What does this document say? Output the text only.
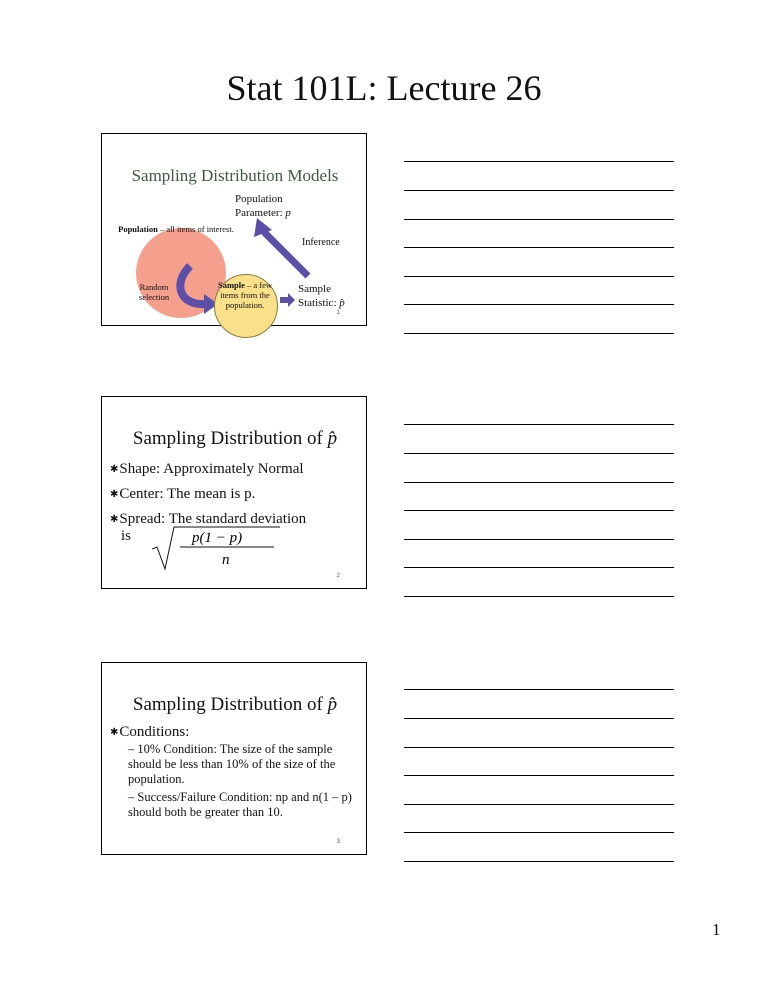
Stat 101L: Lecture 26
Sampling Distribution Models
Population – all items of interest.
Population
Parameter: p
Inference
Random selection
Sample – a few items from the population.
Sample
Statistic: p̂
1
Sampling Distribution of p̂
✱Shape: Approximately Normal
✱Center: The mean is p.
✱Spread: The standard deviation
is	p(1 − p)
n
2
Sampling Distribution of p̂
✱Conditions:
– 10% Condition: The size of the sample should be less than 10% of the size of the population.
– Success/Failure Condition: np and n(1 – p) should both be greater than 10.
3
1
